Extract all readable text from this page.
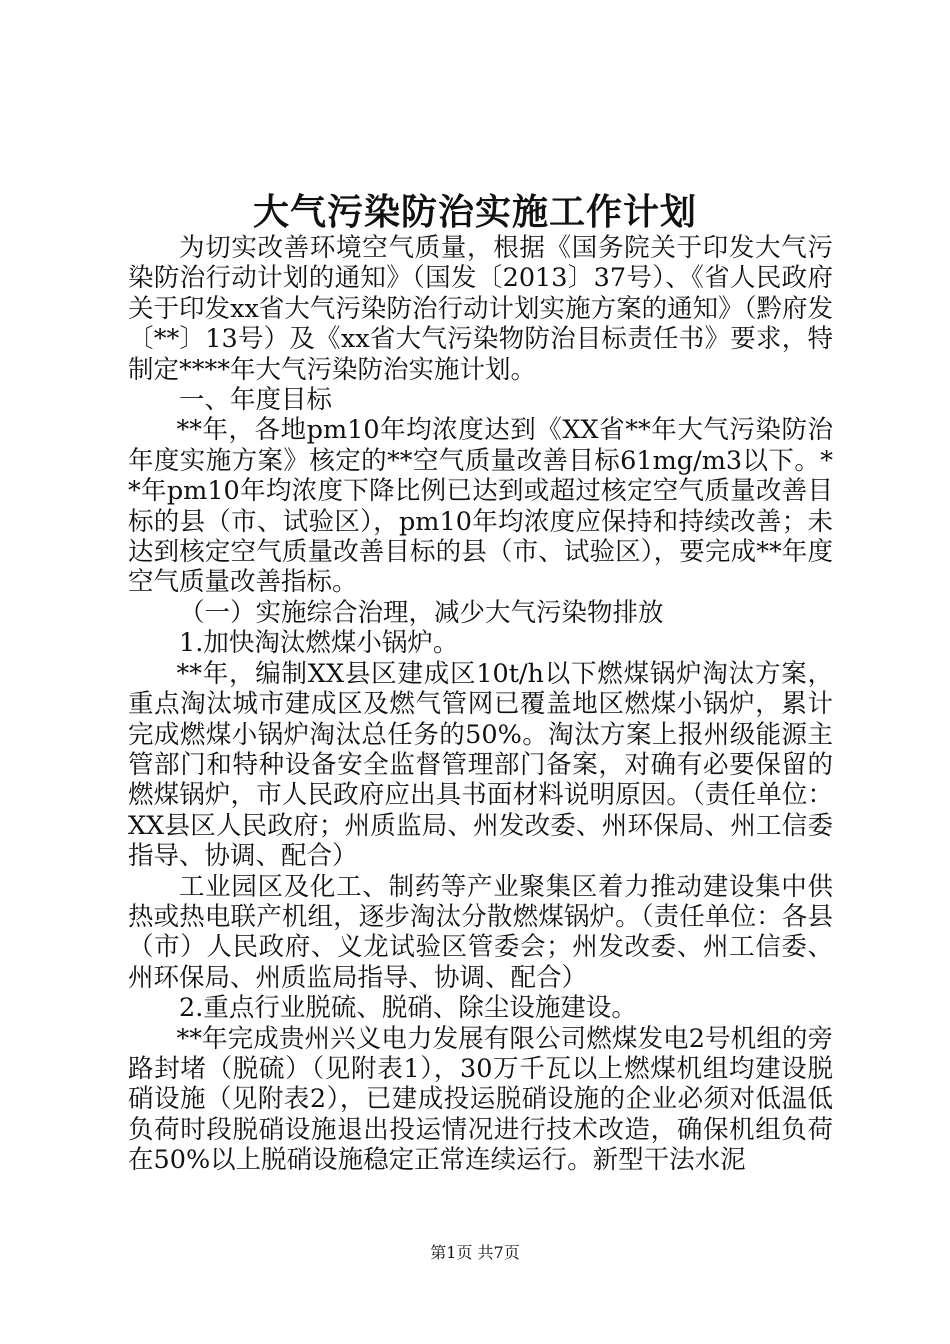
大气污染防治实施工作计划

为切实改善环境空气质量，根据《国务院关于印发大气污染防治行动计划的通知》（国发〔2013〕37号）、《省人民政府关于印发xx省大气污染防治行动计划实施方案的通知》（黔府发〔**〕13号）及《xx省大气污染物防治目标责任书》要求，特制定****年大气污染防治实施计划。

一、年度目标

**年，各地pm10年均浓度达到《XX省**年大气污染防治年度实施方案》核定的**空气质量改善目标61mg/m3以下。**年pm10年均浓度下降比例已达到或超过核定空气质量改善目标的县（市、试验区），pm10年均浓度应保持和持续改善；未达到核定空气质量改善目标的县（市、试验区），要完成**年度空气质量改善指标。

（一）实施综合治理，减少大气污染物排放

1.加快淘汰燃煤小锅炉。

**年，编制XX县区建成区10t/h以下燃煤锅炉淘汰方案，重点淘汰城市建成区及燃气管网已覆盖地区燃煤小锅炉，累计完成燃煤小锅炉淘汰总任务的50%。淘汰方案上报州级能源主管部门和特种设备安全监督管理部门备案，对确有必要保留的燃煤锅炉，市人民政府应出具书面材料说明原因。（责任单位：XX县区人民政府；州质监局、州发改委、州环保局、州工信委指导、协调、配合）

工业园区及化工、制药等产业聚集区着力推动建设集中供热或热电联产机组，逐步淘汰分散燃煤锅炉。（责任单位：各县（市）人民政府、义龙试验区管委会；州发改委、州工信委、州环保局、州质监局指导、协调、配合）

2.重点行业脱硫、脱硝、除尘设施建设。

**年完成贵州兴义电力发展有限公司燃煤发电2号机组的旁路封堵（脱硫）（见附表1），30万千瓦以上燃煤机组均建设脱硝设施（见附表2），已建成投运脱硝设施的企业必须对低温低负荷时段脱硝设施退出投运情况进行技术改造，确保机组负荷在50%以上脱硝设施稳定正常连续运行。新型干法水泥

第1页 共7页
